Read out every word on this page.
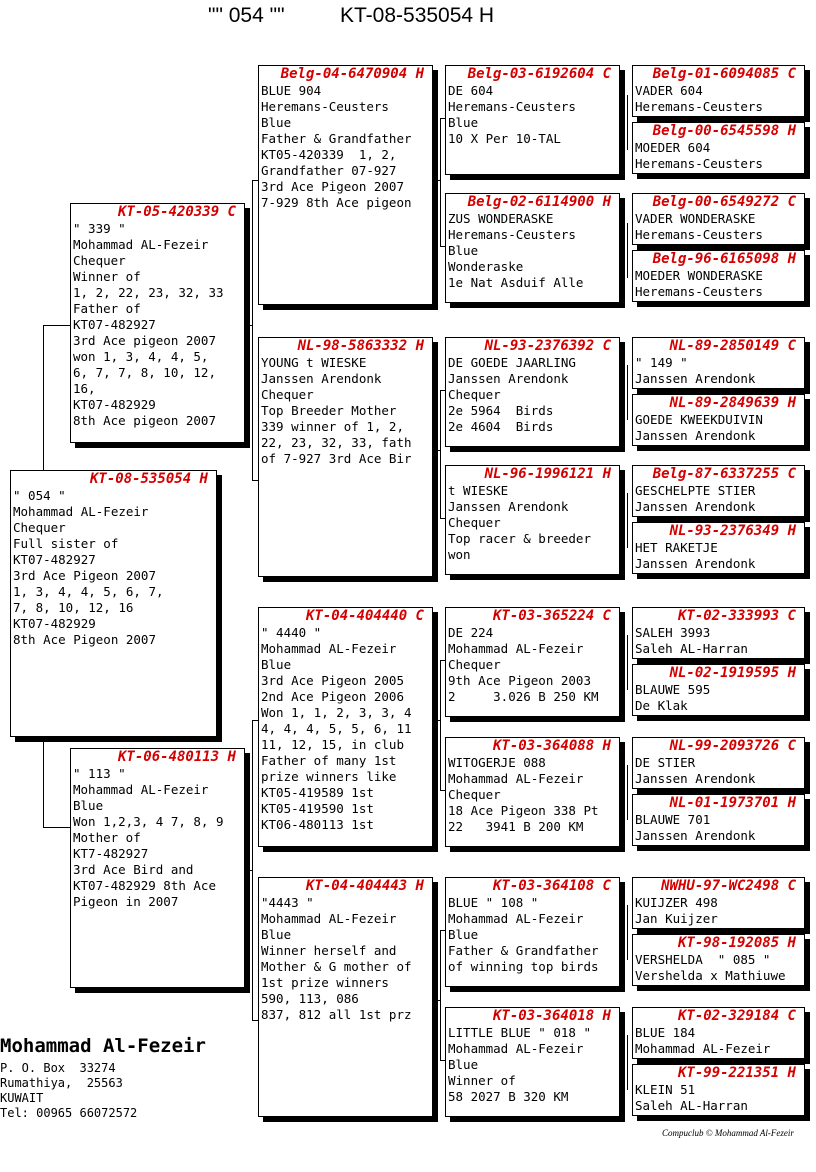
"" 054 ""	KT-08-535054 H
KT-08-535054 H
" 054 "
Mohammad AL-Fezeir
Chequer
Full sister of
KT07-482927
3rd Ace Pigeon 2007
1, 3, 4, 4, 5, 6, 7,
7, 8, 10, 12, 16
KT07-482929
8th Ace Pigeon 2007
KT-05-420339 C
" 339 "
Mohammad AL-Fezeir
Chequer
Winner of
1, 2, 22, 23, 32, 33
Father of
KT07-482927
3rd Ace pigeon 2007
won 1, 3, 4, 4, 5,
6, 7, 7, 8, 10, 12,
16,
KT07-482929
8th Ace pigeon 2007
KT-06-480113 H
" 113 "
Mohammad AL-Fezeir
Blue
Won 1,2,3, 4 7, 8, 9
Mother of
KT7-482927
3rd Ace Bird and
KT07-482929 8th Ace
Pigeon in 2007
Belg-04-6470904 H
BLUE 904
Heremans-Ceusters
Blue
Father & Grandfather
KT05-420339  1, 2,
Grandfather 07-927
3rd Ace Pigeon 2007
7-929 8th Ace pigeon
NL-98-5863332 H
YOUNG t WIESKE
Janssen Arendonk
Chequer
Top Breeder Mother
339 winner of 1, 2,
22, 23, 32, 33, fath
of 7-927 3rd Ace Bir
KT-04-404440 C
" 4440 "
Mohammad AL-Fezeir
Blue
3rd Ace Pigeon 2005
2nd Ace Pigeon 2006
Won 1, 1, 2, 3, 3, 4
4, 4, 4, 5, 5, 6, 11
11, 12, 15, in club
Father of many 1st
prize winners like
KT05-419589 1st
KT05-419590 1st
KT06-480113 1st
KT-04-404443 H
"4443 "
Mohammad AL-Fezeir
Blue
Winner herself and
Mother & G mother of
1st prize winners
590, 113, 086
837, 812 all 1st prz
Belg-03-6192604 C
DE 604
Heremans-Ceusters
Blue
10 X Per 10-TAL
Belg-02-6114900 H
ZUS WONDERASKE
Heremans-Ceusters
Blue
Wonderaske
1e Nat Asduif Alle
NL-93-2376392 C
DE GOEDE JAARLING
Janssen Arendonk
Chequer
2e 5964  Birds
2e 4604  Birds
NL-96-1996121 H
t WIESKE
Janssen Arendonk
Chequer
Top racer & breeder
won
KT-03-365224 C
DE 224
Mohammad AL-Fezeir
Chequer
9th Ace Pigeon 2003
2     3.026 B 250 KM
KT-03-364088 H
WITOGERJE 088
Mohammad AL-Fezeir
Chequer
18 Ace Pigeon 338 Pt
22   3941 B 200 KM
KT-03-364108 C
BLUE " 108 "
Mohammad AL-Fezeir
Blue
Father & Grandfather
of winning top birds
KT-03-364018 H
LITTLE BLUE " 018 "
Mohammad AL-Fezeir
Blue
Winner of
58 2027 B 320 KM
Belg-01-6094085 C
VADER 604
Heremans-Ceusters
Belg-00-6545598 H
MOEDER 604
Heremans-Ceusters
Belg-00-6549272 C
VADER WONDERASKE
Heremans-Ceusters
Belg-96-6165098 H
MOEDER WONDERASKE
Heremans-Ceusters
NL-89-2850149 C
" 149 "
Janssen Arendonk
NL-89-2849639 H
GOEDE KWEEKDUIVIN
Janssen Arendonk
Belg-87-6337255 C
GESCHELPTE STIER
Janssen Arendonk
NL-93-2376349 H
HET RAKETJE
Janssen Arendonk
KT-02-333993 C
SALEH 3993
Saleh AL-Harran
NL-02-1919595 H
BLAUWE 595
De Klak
NL-99-2093726 C
DE STIER
Janssen Arendonk
NL-01-1973701 H
BLAUWE 701
Janssen Arendonk
NWHU-97-WC2498 C
KUIJZER 498
Jan Kuijzer
KT-98-192085 H
VERSHELDA  " 085 "
Vershelda x Mathiuwe
KT-02-329184 C
BLUE 184
Mohammad AL-Fezeir
KT-99-221351 H
KLEIN 51
Saleh AL-Harran
Mohammad Al-Fezeir
P. O. Box  33274
Rumathiya,  25563
KUWAIT
Tel: 00965 66072572
Compuclub © Mohammad Al-Fezeir
